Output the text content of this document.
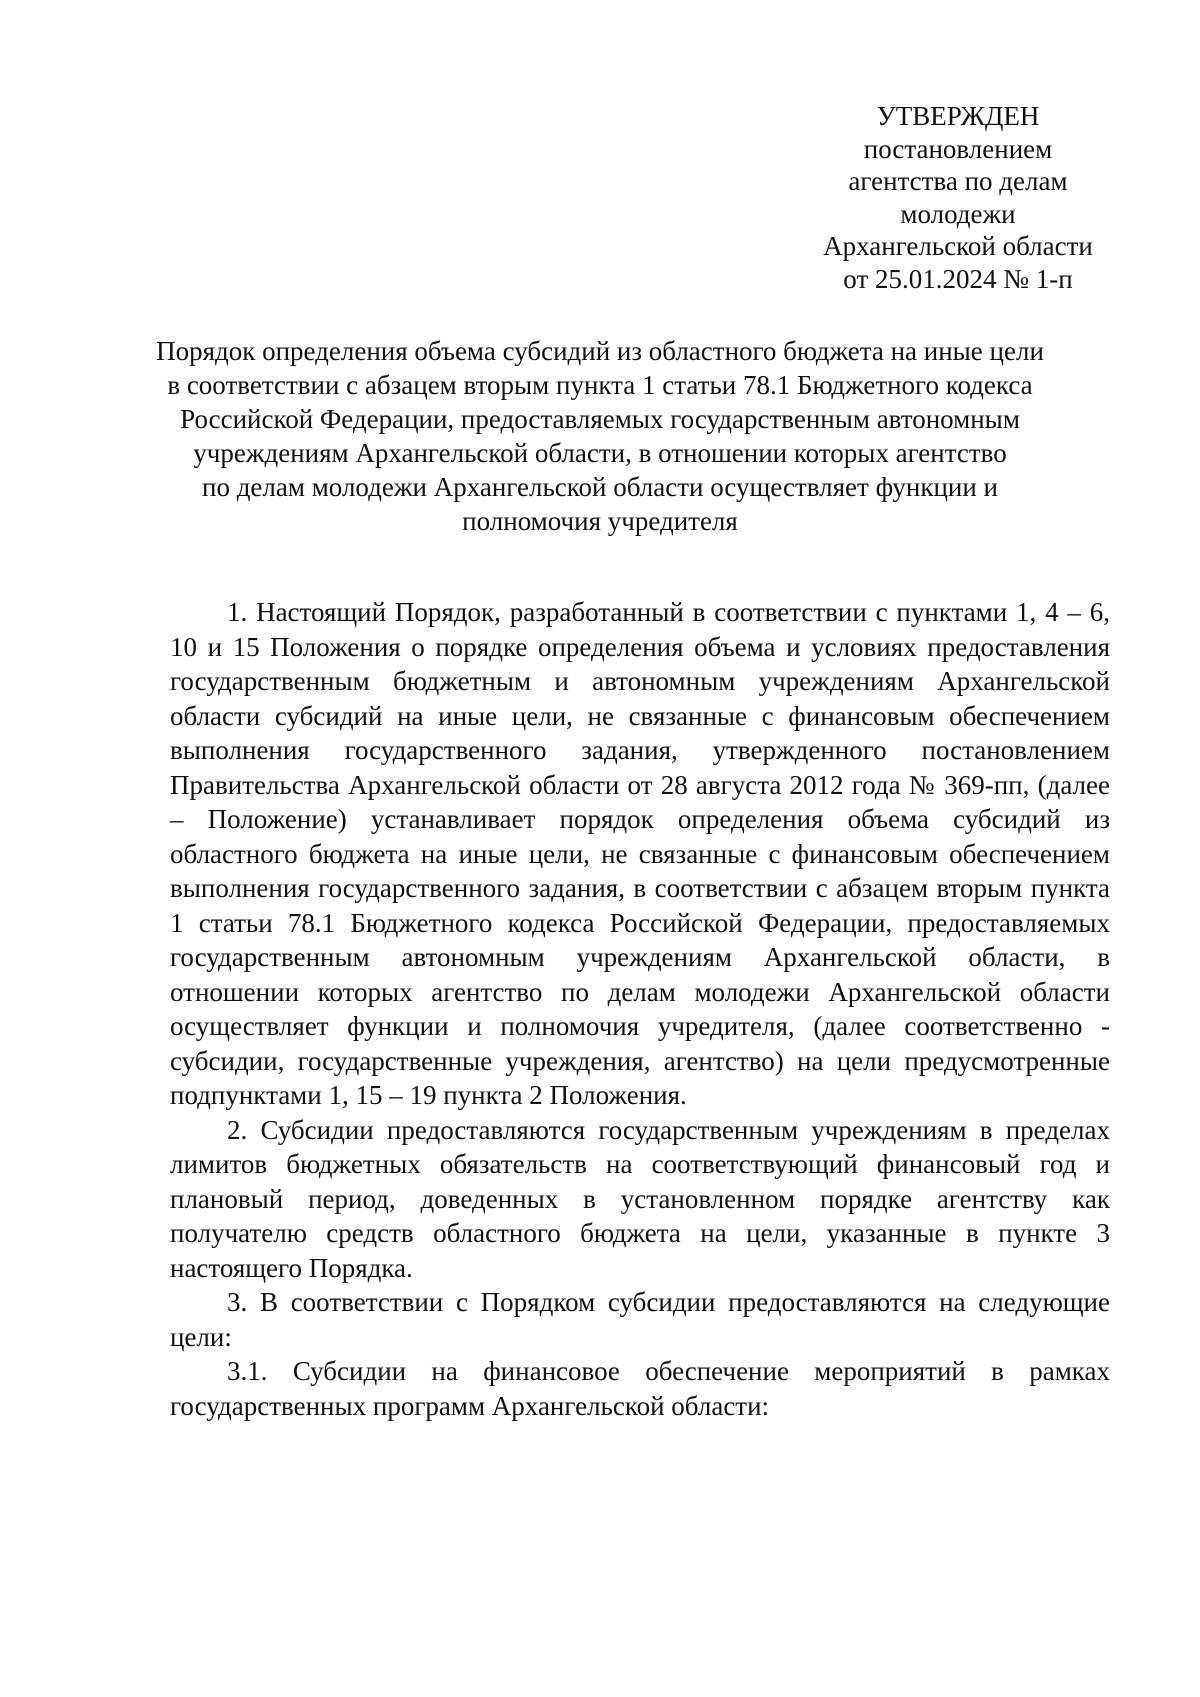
УТВЕРЖДЕН
постановлением
агентства по делам
молодежи
Архангельской области
от 25.01.2024 № 1-п
Порядок определения объема субсидий из областного бюджета на иные цели
в соответствии с абзацем вторым пункта 1 статьи 78.1 Бюджетного кодекса
Российской Федерации, предоставляемых государственным автономным
учреждениям Архангельской области, в отношении которых агентство
по делам молодежи Архангельской области осуществляет функции и
полномочия учредителя

1. Настоящий Порядок, разработанный в соответствии с пунктами 1, 4 – 6, 10 и 15 Положения о порядке определения объема и условиях предоставления государственным бюджетным и автономным учреждениям Архангельской области субсидий на иные цели, не связанные с финансовым обеспечением выполнения государственного задания, утвержденного постановлением Правительства Архангельской области от 28 августа 2012 года № 369-пп, (далее – Положение) устанавливает порядок определения объема субсидий из областного бюджета на иные цели, не связанные с финансовым обеспечением выполнения государственного задания, в соответствии с абзацем вторым пункта 1 статьи 78.1 Бюджетного кодекса Российской Федерации, предоставляемых государственным автономным учреждениям Архангельской области, в отношении которых агентство по делам молодежи Архангельской области осуществляет функции и полномочия учредителя, (далее соответственно - субсидии, государственные учреждения, агентство) на цели предусмотренные подпунктами 1, 15 – 19 пункта 2 Положения.

2. Субсидии предоставляются государственным учреждениям в пределах лимитов бюджетных обязательств на соответствующий финансовый год и плановый период, доведенных в установленном порядке агентству как получателю средств областного бюджета на цели, указанные в пункте 3 настоящего Порядка.

3. В соответствии с Порядком субсидии предоставляются на следующие цели:

3.1. Субсидии на финансовое обеспечение мероприятий в рамках государственных программ Архангельской области:
